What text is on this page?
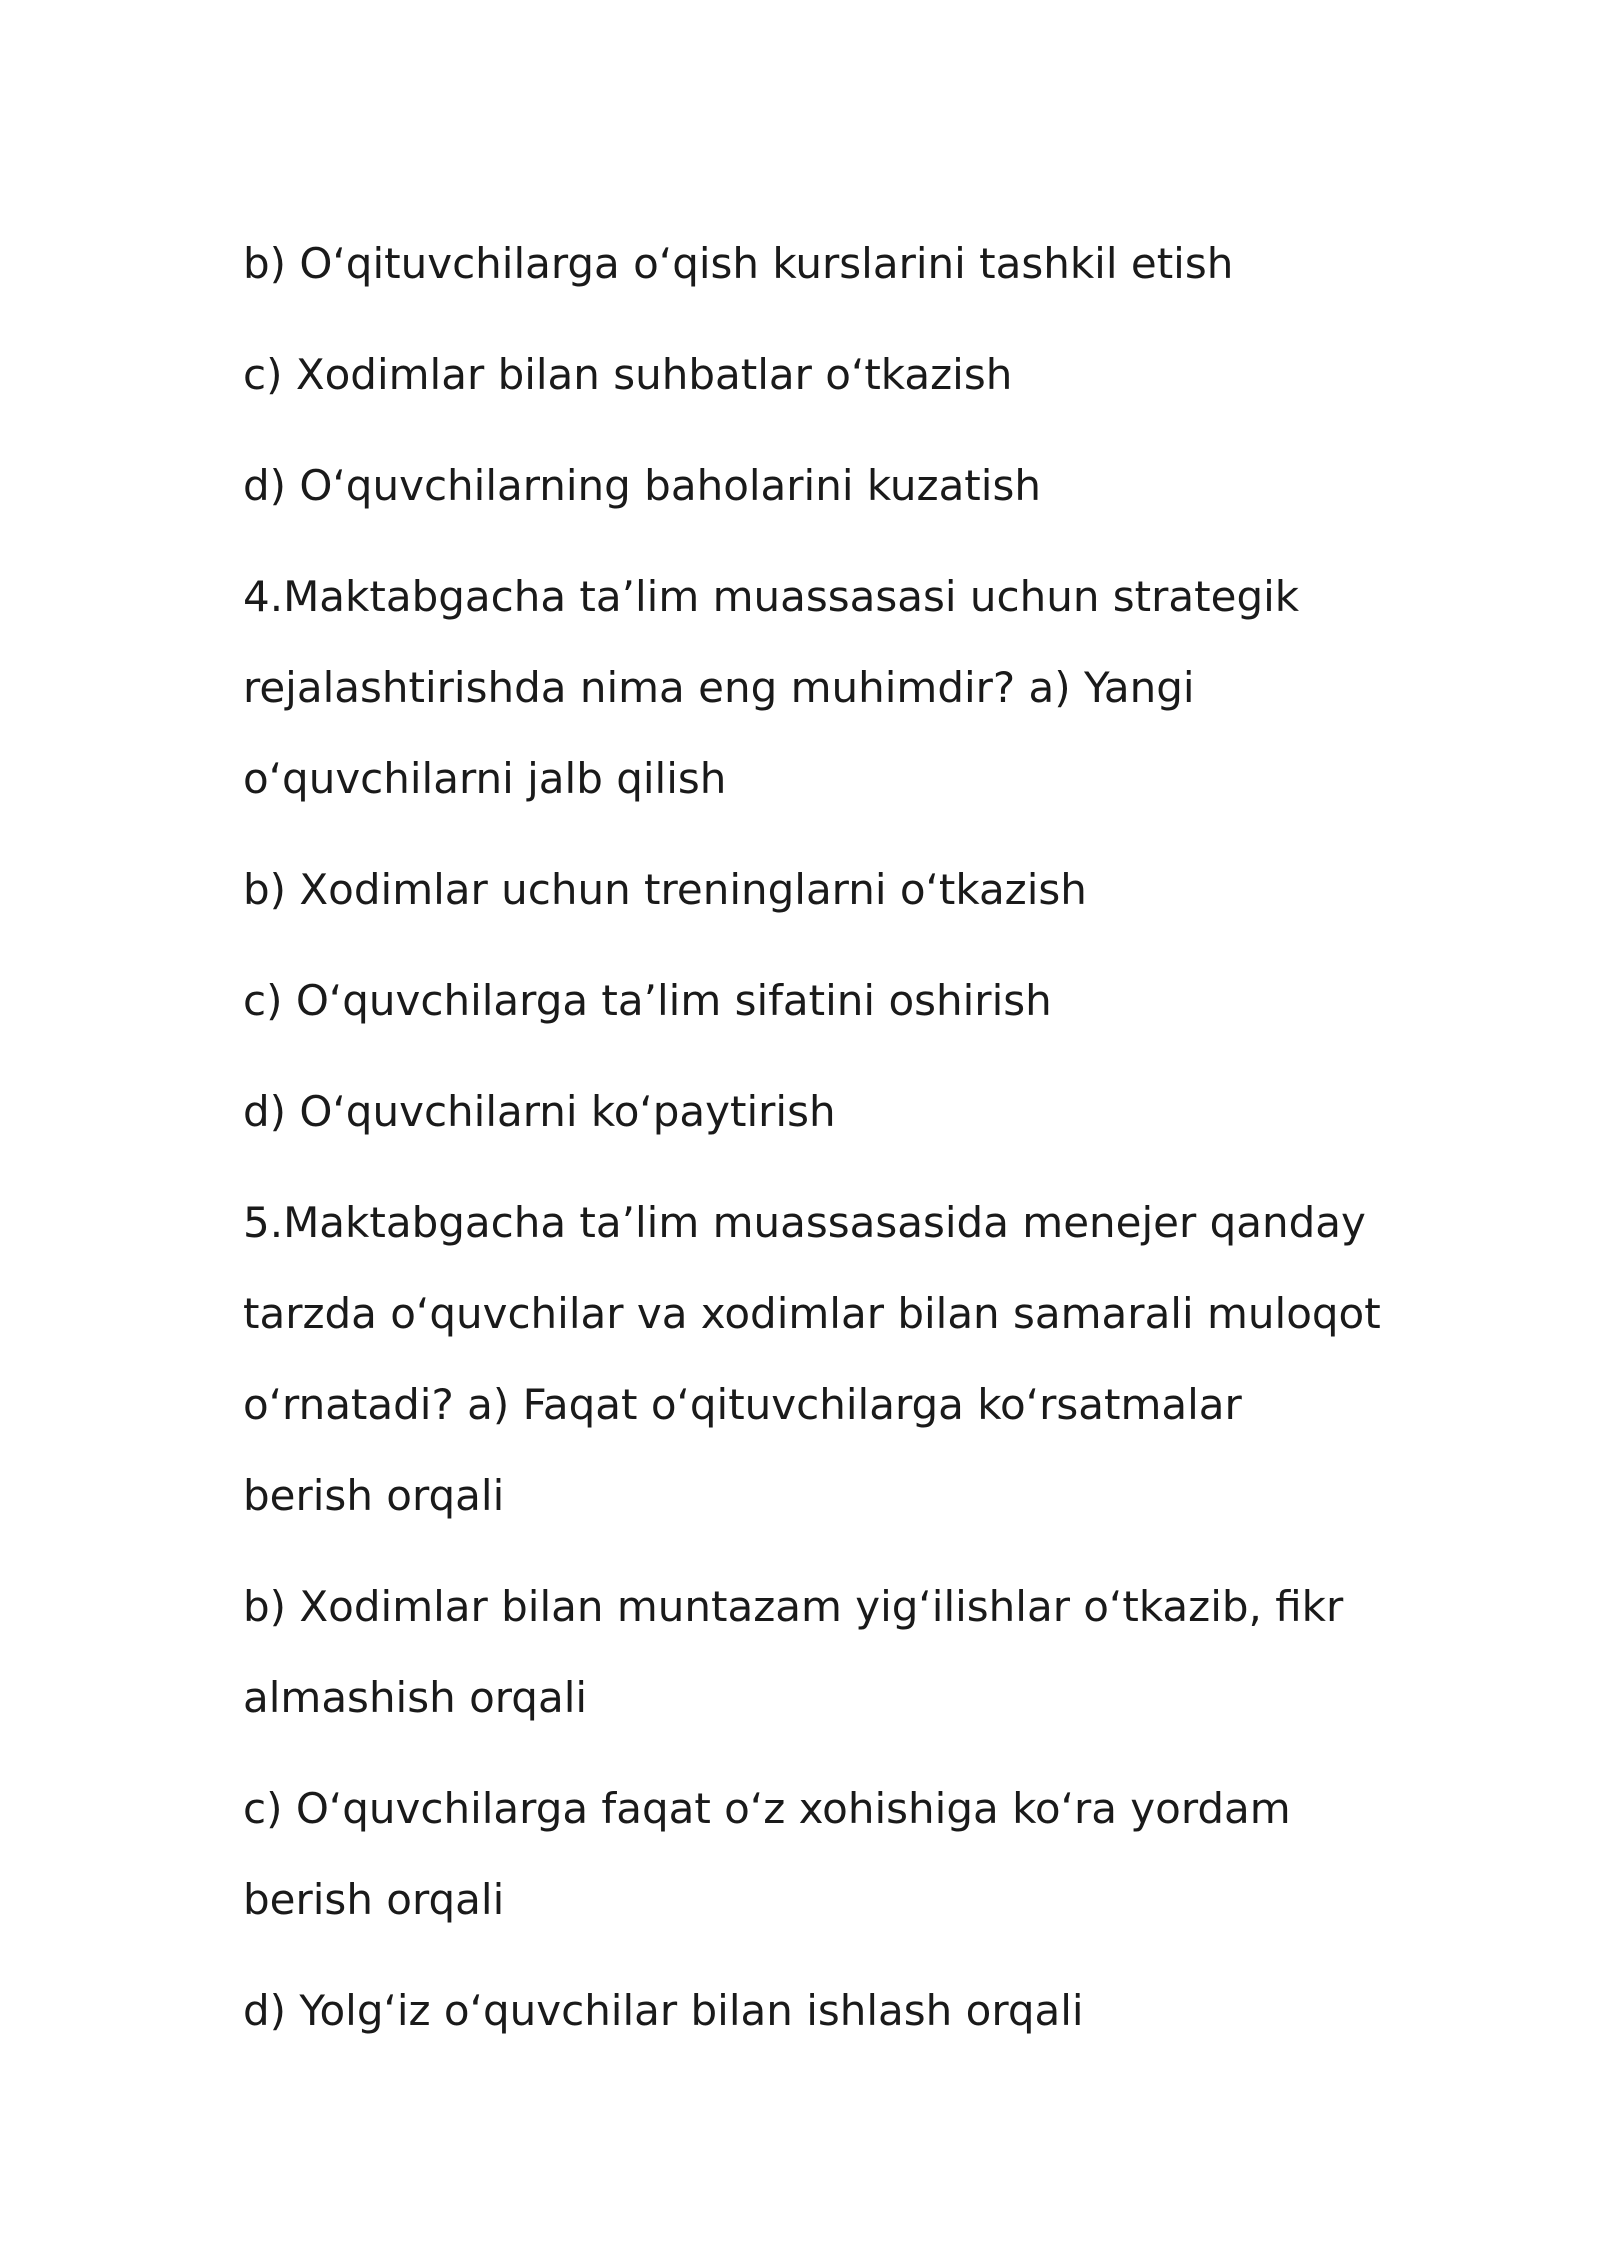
b) O‘qituvchilarga o‘qish kurslarini tashkil etish

c) Xodimlar bilan suhbatlar o‘tkazish

d) O‘quvchilarning baholarini kuzatish

4.Maktabgacha ta’lim muassasasi uchun strategik rejalashtirishda nima eng muhimdir? a) Yangi o‘quvchilarni jalb qilish

b) Xodimlar uchun treninglarni o‘tkazish

c) O‘quvchilarga ta’lim sifatini oshirish

d) O‘quvchilarni ko‘paytirish

5.Maktabgacha ta’lim muassasasida menejer qanday tarzda o‘quvchilar va xodimlar bilan samarali muloqot o‘rnatadi? a) Faqat o‘qituvchilarga ko‘rsatmalar berish orqali

b) Xodimlar bilan muntazam yig‘ilishlar o‘tkazib, fikr almashish orqali

c) O‘quvchilarga faqat o‘z xohishiga ko‘ra yordam berish orqali

d) Yolg‘iz o‘quvchilar bilan ishlash orqali
